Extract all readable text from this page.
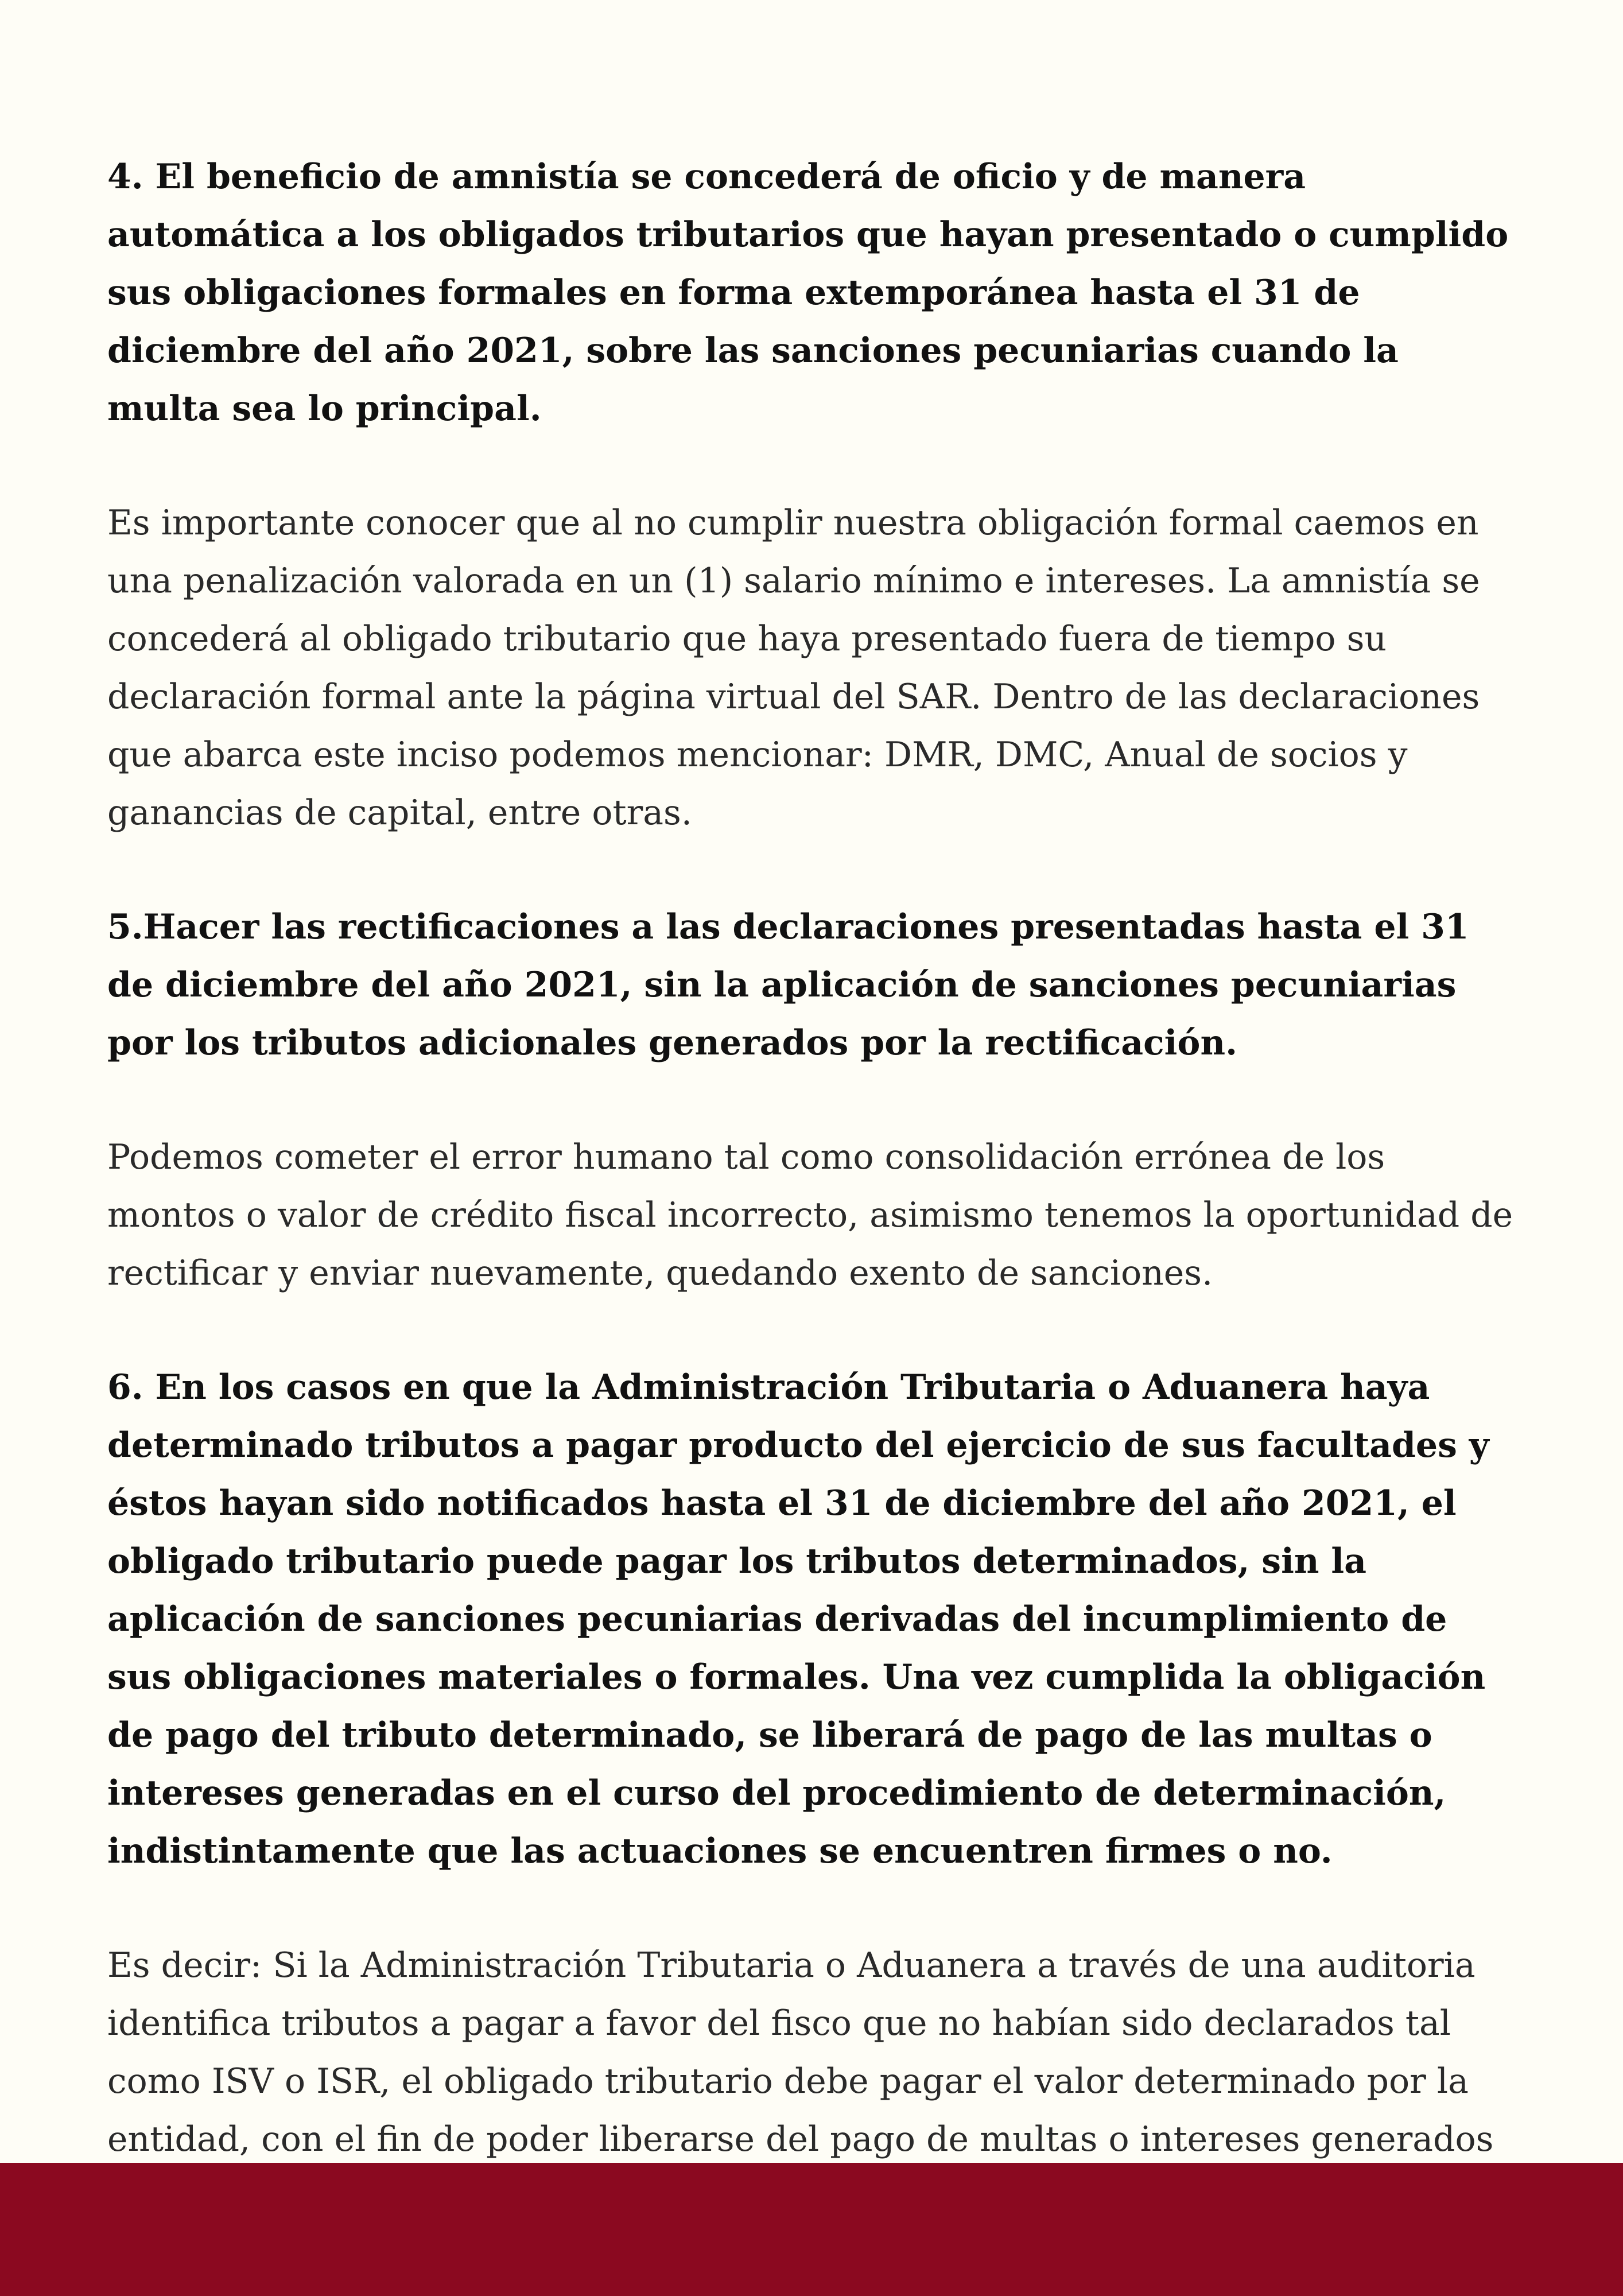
4. El beneficio de amnistía se concederá de oficio y de manera automática a los obligados tributarios que hayan presentado o cumplido sus obligaciones formales en forma extemporánea hasta el 31 de diciembre del año 2021, sobre las sanciones pecuniarias cuando la multa sea lo principal.

Es importante conocer que al no cumplir nuestra obligación formal caemos en una penalización valorada en un (1) salario mínimo e intereses. La amnistía se concederá al obligado tributario que haya presentado fuera de tiempo su declaración formal ante la página virtual del SAR. Dentro de las declaraciones que abarca este inciso podemos mencionar: DMR, DMC, Anual de socios y ganancias de capital, entre otras.

5.Hacer las rectificaciones a las declaraciones presentadas hasta el 31 de diciembre del año 2021, sin la aplicación de sanciones pecuniarias por los tributos adicionales generados por la rectificación.

Podemos cometer el error humano tal como consolidación errónea de los montos o valor de crédito fiscal incorrecto, asimismo tenemos la oportunidad de rectificar y enviar nuevamente, quedando exento de sanciones.

6. En los casos en que la Administración Tributaria o Aduanera haya determinado tributos a pagar producto del ejercicio de sus facultades y éstos hayan sido notificados hasta el 31 de diciembre del año 2021, el obligado tributario puede pagar los tributos determinados, sin la aplicación de sanciones pecuniarias derivadas del incumplimiento de sus obligaciones materiales o formales. Una vez cumplida la obligación de pago del tributo determinado, se liberará de pago de las multas o intereses generadas en el curso del procedimiento de determinación, indistintamente que las actuaciones se encuentren firmes o no.

Es decir: Si la Administración Tributaria o Aduanera a través de una auditoria identifica tributos a pagar a favor del fisco que no habían sido declarados tal como ISV o ISR, el obligado tributario debe pagar el valor determinado por la entidad, con el fin de poder liberarse del pago de multas o intereses generados
